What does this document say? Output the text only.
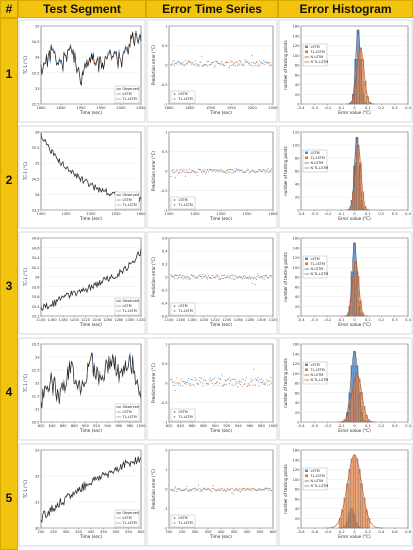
#	Test Segment	Error Time Series	Error Histogram
1
2
3
4
5
32.5
33
33.5
34
34.5
35
1800	1850	1900	1950	2000	2050
Time (sec)
TC-1 (°C)
Observed
LSTM
TL-LSTM
-1
-0.5
0
0.5
1
1800	1850	1900	1950	2000	2050
Time (sec)
Prediction error (°C)
LSTM
TL-LSTM
0
20
40
60
80
100
120
140
160
-0.4 -0.3 -0.2 -0.1 0	0.1 0.2 0.3 0.4
Error value (°C)
number of testing points	LSTM
TL-LSTM
N LSTM
N TL-LSTM
33.5
34
34.5
35
35.5
36
1400	1450	1500	1550	1600
Time (sec)
TC-1 (°C)
Observed
LSTM
TL-LSTM
-1
-0.5
0
0.5
1
1400	1450	1500	1550	1600
Time (sec)
Prediction error (°C)
LSTM
TL-LSTM
0
20
40
60
80
100
120
-0.4 -0.3 -0.2 -0.1 0	0.1 0.2 0.3 0.4
Error value (°C)
number of testing points	LSTM
TL-LSTM
N LSTM
N TL-LSTM
33.2
33.4
33.6
33.8
34
34.2
34.4
34.6
34.8
1140 1160 1180 1200 1220 1240 1260 1280 1300 1320
Time (sec)
TC-1 (°C)
Observed
LSTM
TL-LSTM
-0.6
-0.4
-0.2
0
0.2
0.4
0.6
1140 1160 1180 1200 1220 1240 1260 1280 1300 1320
Time (sec)
Prediction error (°C)
LSTM
TL-LSTM
0
20
40
60
80
100
120
140
160
-0.4 -0.3 -0.2 -0.1 0	0.1 0.2 0.3 0.4
Error value (°C)
number of testing points	LSTM
TL-LSTM
N LSTM
N TL-LSTM
30.5
31
31.5
32
32.5
33
33.5
820 840 860 880 900 920 940 960 980 1000
Time (sec)
TC-1 (°C)
Observed
LSTM
TL-LSTM
-1
-0.5
0
0.5
1
820 840 860 880 900 920 940 960 980 1000
Time (sec)
Prediction error (°C)
LSTM
TL-LSTM
0
20
40
60
80
100
120
140
160
-0.4 -0.3 -0.2 -0.1 0	0.1 0.2 0.3 0.4
Error value (°C)
number of testing points	LSTM
TL-LSTM
N LSTM
N TL-LSTM
30
31
32
33
200 250 300 350 400 450 500 550 600
Time (sec)
TC-1 (°C)
Observed
LSTM
TL-LSTM
-2
-1
0
1
2
200 250 300 350 400 450 500 550 600
Time (sec)
Prediction error (°C)
LSTM
TL-LSTM
0
20
40
60
80
100
120
140
160
-0.8 -0.6 -0.4 -0.2 0	0.2 0.4 0.6 0.8
Error value (°C)
number of testing points	LSTM
TL-LSTM
N LSTM
N TL-LSTM
